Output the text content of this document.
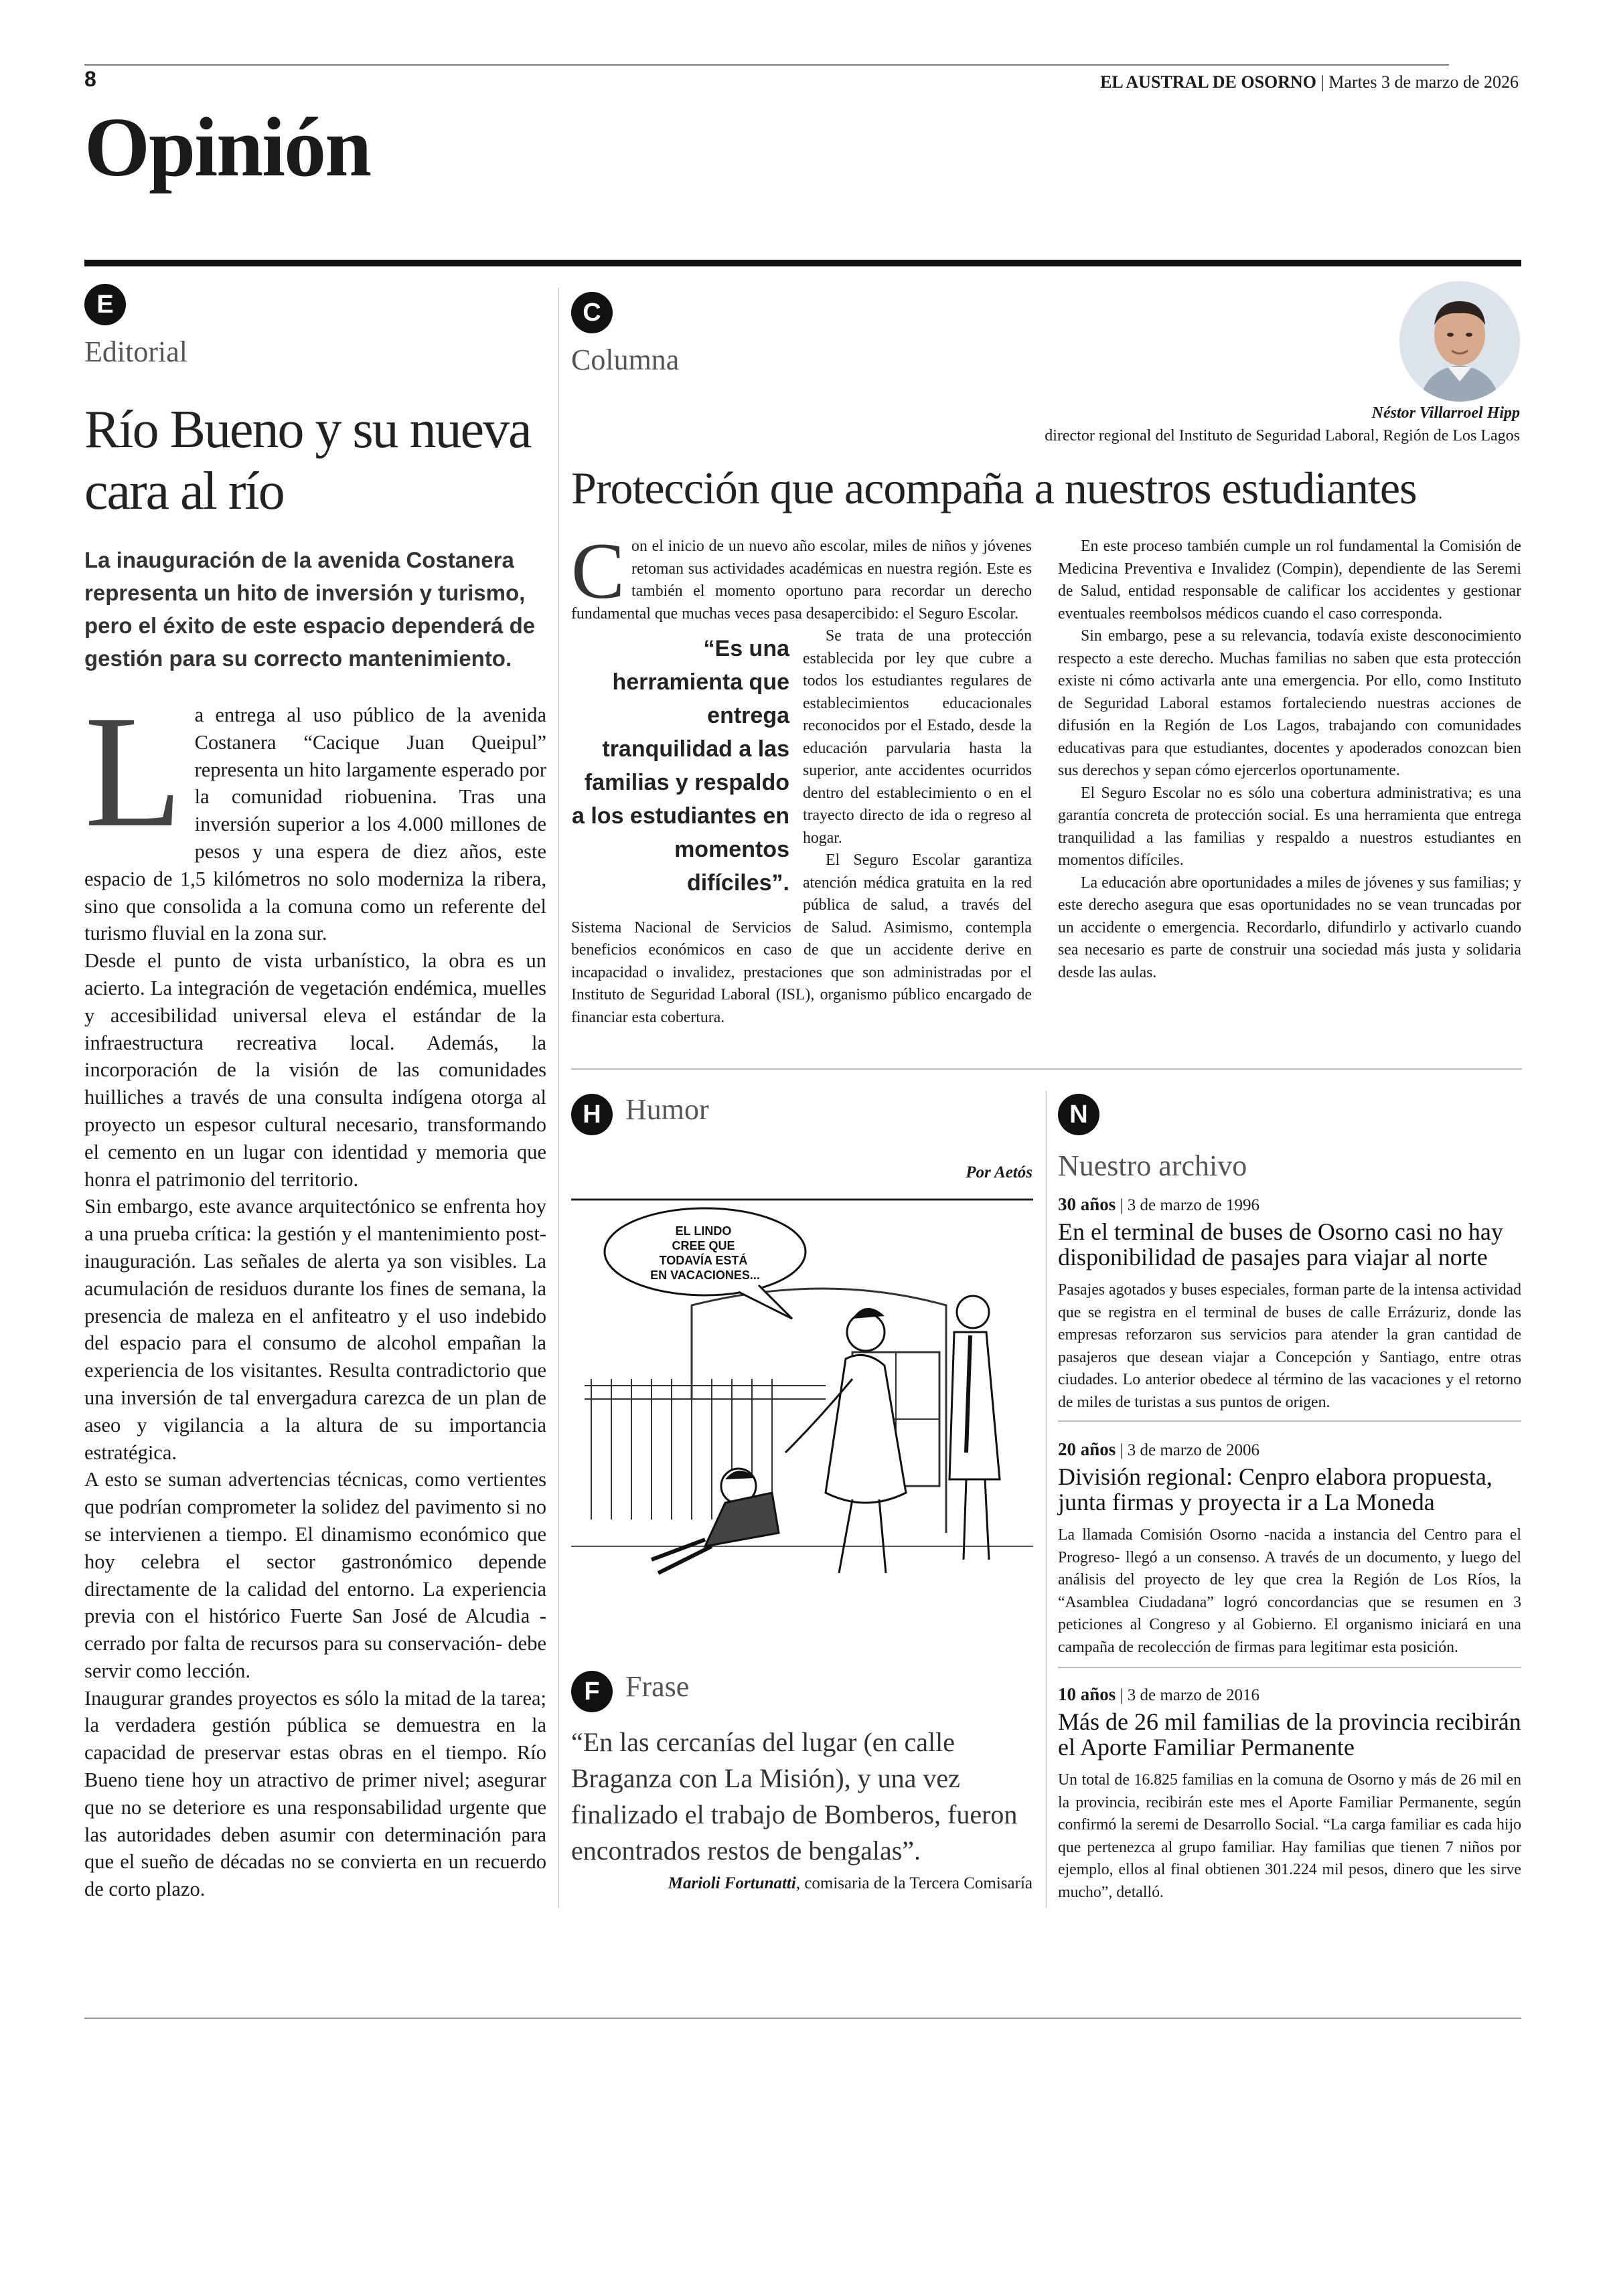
8	EL AUSTRAL DE OSORNO | Martes 3 de marzo de 2026
Opinión
E
Editorial
Río Bueno y su nueva cara al río
La inauguración de la avenida Costanera representa un hito de inversión y turismo, pero el éxito de este espacio dependerá de gestión para su correcto mantenimiento.
L a entrega al uso público de la avenida Costanera “Cacique Juan Queipul” representa un hito largamente esperado por la comunidad riobuenina. Tras una inversión superior a los 4.000 millones de pesos y una espera de diez años, este espacio de 1,5 kilómetros no solo moderniza la ribera, sino que consolida a la comuna como un referente del turismo fluvial en la zona sur.

Desde el punto de vista urbanístico, la obra es un acierto. La integración de vegetación endémica, muelles y accesibilidad universal eleva el estándar de la infraestructura recreativa local. Además, la incorporación de la visión de las comunidades huilliches a través de una consulta indígena otorga al proyecto un espesor cultural necesario, transformando el cemento en un lugar con identidad y memoria que honra el patrimonio del territorio.

Sin embargo, este avance arquitectónico se enfrenta hoy a una prueba crítica: la gestión y el mantenimiento post-inauguración. Las señales de alerta ya son visibles. La acumulación de residuos durante los fines de semana, la presencia de maleza en el anfiteatro y el uso indebido del espacio para el consumo de alcohol empañan la experiencia de los visitantes. Resulta contradictorio que una inversión de tal envergadura carezca de un plan de aseo y vigilancia a la altura de su importancia estratégica.

A esto se suman advertencias técnicas, como vertientes que podrían comprometer la solidez del pavimento si no se intervienen a tiempo. El dinamismo económico que hoy celebra el sector gastronómico depende directamente de la calidad del entorno. La experiencia previa con el histórico Fuerte San José de Alcudia -cerrado por falta de recursos para su conservación- debe servir como lección.

Inaugurar grandes proyectos es sólo la mitad de la tarea; la verdadera gestión pública se demuestra en la capacidad de preservar estas obras en el tiempo. Río Bueno tiene hoy un atractivo de primer nivel; asegurar que no se deteriore es una responsabilidad urgente que las autoridades deben asumir con determinación para que el sueño de décadas no se convierta en un recuerdo de corto plazo.

C
Columna
Néstor Villarroel Hipp
director regional del Instituto de Seguridad Laboral, Región de Los Lagos
Protección que acompaña a nuestros estudiantes
C on el inicio de un nuevo año escolar, miles de niños y jóvenes retoman sus actividades académicas en nuestra región. Este es también el momento oportuno para recordar un derecho fundamental que muchas veces pasa desapercibido: el Seguro Escolar.

“Es una herramienta que entrega tranquilidad a las familias y respaldo a los estudiantes en momentos difíciles”.

Se trata de una protección establecida por ley que cubre a todos los estudiantes regulares de establecimientos educacionales reconocidos por el Estado, desde la educación parvularia hasta la superior, ante accidentes ocurridos dentro del establecimiento o en el trayecto directo de ida o regreso al hogar.

El Seguro Escolar garantiza atención médica gratuita en la red pública de salud, a través del Sistema Nacional de Servicios de Salud. Asimismo, contempla beneficios económicos en caso de que un accidente derive en incapacidad o invalidez, prestaciones que son administradas por el Instituto de Seguridad Laboral (ISL), organismo público encargado de financiar esta cobertura.

En este proceso también cumple un rol fundamental la Comisión de Medicina Preventiva e Invalidez (Compin), dependiente de las Seremi de Salud, entidad responsable de calificar los accidentes y gestionar eventuales reembolsos médicos cuando el caso corresponda.

Sin embargo, pese a su relevancia, todavía existe desconocimiento respecto a este derecho. Muchas familias no saben que esta protección existe ni cómo activarla ante una emergencia. Por ello, como Instituto de Seguridad Laboral estamos fortaleciendo nuestras acciones de difusión en la Región de Los Lagos, trabajando con comunidades educativas para que estudiantes, docentes y apoderados conozcan bien sus derechos y sepan cómo ejercerlos oportunamente.

El Seguro Escolar no es sólo una cobertura administrativa; es una garantía concreta de protección social. Es una herramienta que entrega tranquilidad a las familias y respaldo a nuestros estudiantes en momentos difíciles.

La educación abre oportunidades a miles de jóvenes y sus familias; y este derecho asegura que esas oportunidades no se vean truncadas por un accidente o emergencia. Recordarlo, difundirlo y activarlo cuando sea necesario es parte de construir una sociedad más justa y solidaria desde las aulas.

H Humor
Por Aetós
EL LINDO CREE QUE TODAVÍA ESTÁ EN VACACIONES...
F Frase
“En las cercanías del lugar (en calle Braganza con La Misión), y una vez finalizado el trabajo de Bomberos, fueron encontrados restos de bengalas”.
Marioli Fortunatti, comisaria de la Tercera Comisaría
N
Nuestro archivo
30 años | 3 de marzo de 1996
En el terminal de buses de Osorno casi no hay disponibilidad de pasajes para viajar al norte
Pasajes agotados y buses especiales, forman parte de la intensa actividad que se registra en el terminal de buses de calle Errázuriz, donde las empresas reforzaron sus servicios para atender la gran cantidad de pasajeros que desean viajar a Concepción y Santiago, entre otras ciudades. Lo anterior obedece al término de las vacaciones y el retorno de miles de turistas a sus puntos de origen.
20 años | 3 de marzo de 2006
División regional: Cenpro elabora propuesta, junta firmas y proyecta ir a La Moneda
La llamada Comisión Osorno -nacida a instancia del Centro para el Progreso- llegó a un consenso. A través de un documento, y luego del análisis del proyecto de ley que crea la Región de Los Ríos, la “Asamblea Ciudadana” logró concordancias que se resumen en 3 peticiones al Congreso y al Gobierno. El organismo iniciará en una campaña de recolección de firmas para legitimar esta posición.
10 años | 3 de marzo de 2016
Más de 26 mil familias de la provincia recibirán el Aporte Familiar Permanente
Un total de 16.825 familias en la comuna de Osorno y más de 26 mil en la provincia, recibirán este mes el Aporte Familiar Permanente, según confirmó la seremi de Desarrollo Social. “La carga familiar es cada hijo que pertenezca al grupo familiar. Hay familias que tienen 7 niños por ejemplo, ellos al final obtienen 301.224 mil pesos, dinero que les sirve mucho”, detalló.
